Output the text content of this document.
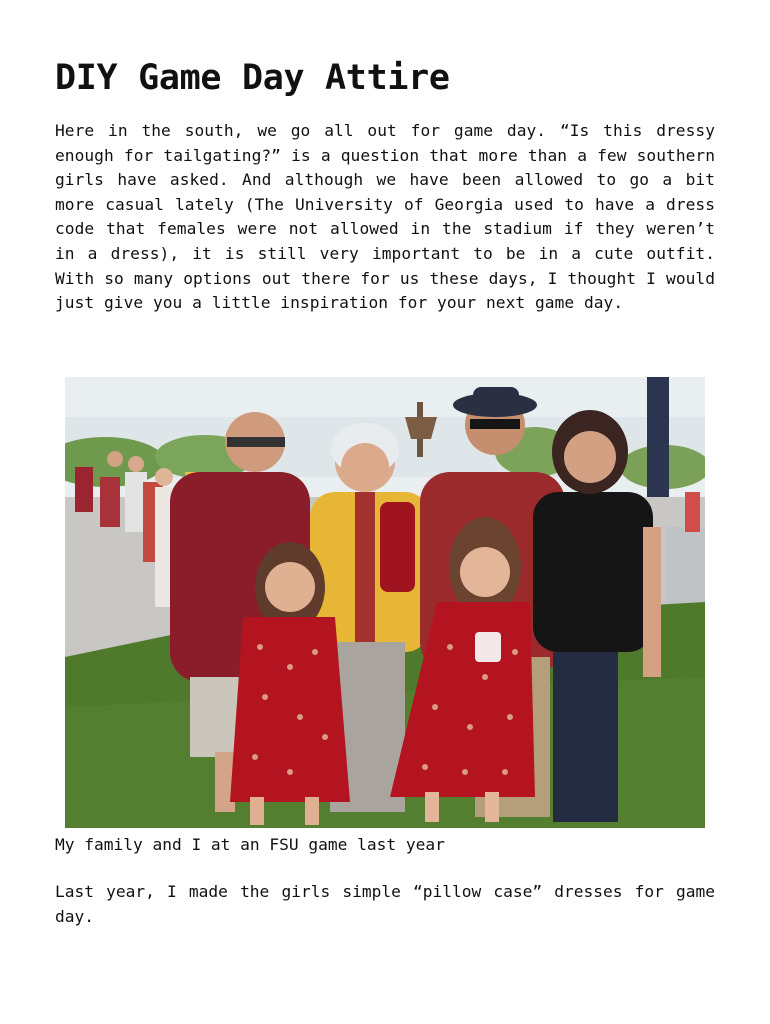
DIY Game Day Attire

Here in the south, we go all out for game day. “Is this dressy enough for tailgating?” is a question that more than a few southern girls have asked. And although we have been allowed to go a bit more casual lately (The University of Georgia used to have a dress code that females were not allowed in the stadium if they weren’t in a dress), it is still very important to be in a cute outfit. With so many options out there for us these days, I thought I would just give you a little inspiration for your next game day.

My family and I at an FSU game last year

Last year, I made the girls simple “pillow case” dresses for game day.
